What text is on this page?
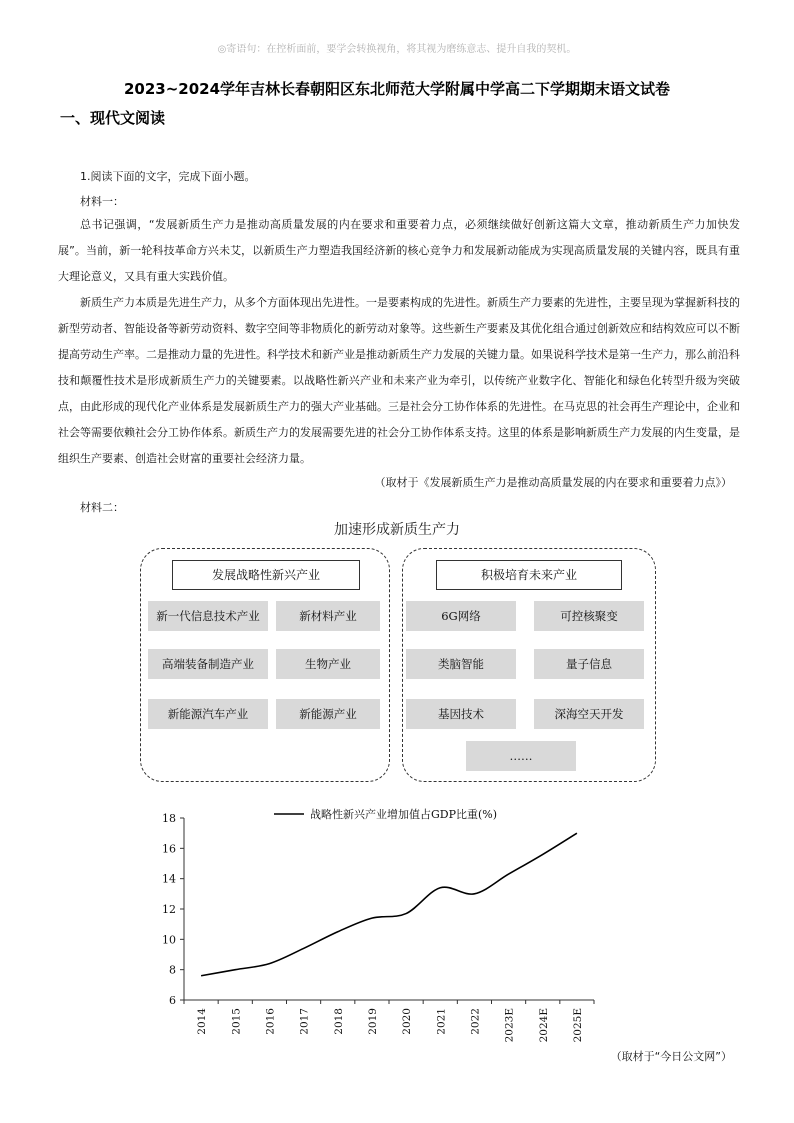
◎寄语句：在控析面前，要学会转换视角，将其视为磨练意志、提升自我的契机。
2023~2024学年吉林长春朝阳区东北师范大学附属中学高二下学期期末语文试卷
一、现代文阅读
1.阅读下面的文字，完成下面小题。
材料一：

总书记强调，“发展新质生产力是推动高质量发展的内在要求和重要着力点，必须继续做好创新这篇大文章，推动新质生产力加快发展”。当前，新一轮科技革命方兴未艾，以新质生产力塑造我国经济新的核心竞争力和发展新动能成为实现高质量发展的关键内容，既具有重大理论意义，又具有重大实践价值。

新质生产力本质是先进生产力，从多个方面体现出先进性。一是要素构成的先进性。新质生产力要素的先进性，主要呈现为掌握新科技的新型劳动者、智能设备等新劳动资料、数字空间等非物质化的新劳动对象等。这些新生产要素及其优化组合通过创新效应和结构效应可以不断提高劳动生产率。二是推动力量的先进性。科学技术和新产业是推动新质生产力发展的关键力量。如果说科学技术是第一生产力，那么前沿科技和颠覆性技术是形成新质生产力的关键要素。以战略性新兴产业和未来产业为牵引，以传统产业数字化、智能化和绿色化转型升级为突破点，由此形成的现代化产业体系是发展新质生产力的强大产业基础。三是社会分工协作体系的先进性。在马克思的社会再生产理论中，企业和社会等需要依赖社会分工协作体系。新质生产力的发展需要先进的社会分工协作体系支持。这里的体系是影响新质生产力发展的内生变量，是组织生产要素、创造社会财富的重要社会经济力量。

（取材于《发展新质生产力是推动高质量发展的内在要求和重要着力点》）
材料二：
加速形成新质生产力
发展战略性新兴产业
新一代信息技术产业	新材料产业
高端装备制造产业	生物产业
新能源汽车产业	新能源产业
积极培育未来产业
6G网络	可控核聚变
类脑智能	量子信息
基因技术	深海空天开发
……
6
8
10
12
14
16
18
2014 2015 2016 2017 2018 2019 2020 2021 2022 2023E 2024E 2025E
战略性新兴产业增加值占GDP比重(%)
（取材于“今日公文网”）
